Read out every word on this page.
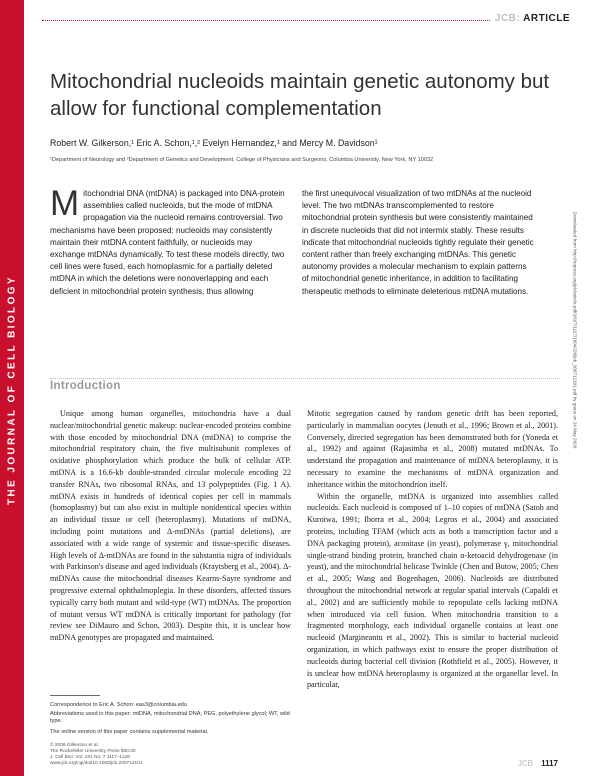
THE JOURNAL OF CELL BIOLOGY
JCB: ARTICLE
Mitochondrial nucleoids maintain genetic autonomy but allow for functional complementation

Robert W. Gilkerson,¹ Eric A. Schon,¹,² Evelyn Hernandez,¹ and Mercy M. Davidson¹

¹Department of Neurology and ²Department of Genetics and Development, College of Physicians and Surgeons, Columbia University, New York, NY 10032

Mitochondrial DNA (mtDNA) is packaged into DNA-protein assemblies called nucleoids, but the mode of mtDNA propagation via the nucleoid remains controversial. Two mechanisms have been proposed: nucleoids may consistently maintain their mtDNA content faithfully, or nucleoids may exchange mtDNAs dynamically. To test these models directly, two cell lines were fused, each homoplasmic for a partially deleted mtDNA in which the deletions were nonoverlapping and each deficient in mitochondrial protein synthesis, thus allowing
the first unequivocal visualization of two mtDNAs at the nucleoid level. The two mtDNAs transcomplemented to restore mitochondrial protein synthesis but were consistently maintained in discrete nucleoids that did not intermix stably. These results indicate that mitochondrial nucleoids tightly regulate their genetic content rather than freely exchanging mtDNAs. This genetic autonomy provides a molecular mechanism to explain patterns of mitochondrial genetic inheritance, in addition to facilitating therapeutic methods to eliminate deleterious mtDNA mutations.	Downloaded from http://rupress.org/jcb/article-pdf/181/7/1117/1894228/jcb_200712101.pdf by guest on 24 May 2020
Introduction

Unique among human organelles, mitochondria have a dual nuclear/mitochondrial genetic makeup: nuclear-encoded proteins combine with those encoded by mitochondrial DNA (mtDNA) to comprise the mitochondrial respiratory chain, the five multisubunit complexes of oxidative phosphorylation which produce the bulk of cellular ATP. mtDNA is a 16.6-kb double-stranded circular molecule encoding 22 transfer RNAs, two ribosomal RNAs, and 13 polypeptides (Fig. 1 A). mtDNA exists in hundreds of identical copies per cell in mammals (homoplasmy) but can also exist in multiple nonidentical species within an individual tissue or cell (heteroplasmy). Mutations of mtDNA, including point mutations and Δ-mtDNAs (partial deletions), are associated with a wide range of systemic and tissue-specific diseases. High levels of Δ-mtDNAs are found in the substantia nigra of individuals with Parkinson's disease and aged individuals (Kraytsberg et al., 2004). Δ-mtDNAs cause the mitochondrial diseases Kearns-Sayre syndrome and progressive external ophthalmoplegia. In these disorders, affected tissues typically carry both mutant and wild-type (WT) mtDNAs. The proportion of mutant versus WT mtDNA is critically important for pathology (for review see DiMauro and Schon, 2003). Despite this, it is unclear how mtDNA genotypes are propagated and maintained.

Mitotic segregation caused by random genetic drift has been reported, particularly in mammalian oocytes (Jenuth et al., 1996; Brown et al., 2001). Conversely, directed segregation has been demonstrated both for (Yoneda et al., 1992) and against (Rajasimha et al., 2008) mutated mtDNAs. To understand the propagation and maintenance of mtDNA heteroplasmy, it is necessary to examine the mechanisms of mtDNA organization and inheritance within the mitochondrion itself.

Within the organelle, mtDNA is organized into assemblies called nucleoids. Each nucleoid is composed of 1–10 copies of mtDNA (Satoh and Kuroiwa, 1991; Iborra et al., 2004; Legros et al., 2004) and associated proteins, including TFAM (which acts as both a transcription factor and a DNA packaging protein), aconitase (in yeast), polymerase γ, mitochondrial single-strand binding protein, branched chain α-ketoacid dehydrogenase (in yeast), and the mitochondrial helicase Twinkle (Chen and Butow, 2005; Chen et al., 2005; Wang and Bogenhagen, 2006). Nucleoids are distributed throughout the mitochondrial network at regular spatial intervals (Capaldi et al., 2002) and are sufficiently mobile to repopulate cells lacking mtDNA when introduced via cell fusion. When mitochondria transition to a fragmented morphology, each individual organelle contains at least one nucleoid (Margineantu et al., 2002). This is similar to bacterial nucleoid organization, in which pathways exist to ensure the proper distribution of nucleoids during bacterial cell division (Rothfield et al., 2005). However, it is unclear how mtDNA heteroplasmy is organized at the organellar level. In particular,

Correspondence to Eric A. Schon: eas3@columbia.edu

Abbreviations used in this paper: mtDNA, mitochondrial DNA; PEG, polyethylene glycol; WT, wild type.

The online version of this paper contains supplemental material.

© 2008 Gilkerson et al.
The Rockefeller University Press $30.00
J. Cell Biol. Vol. 181 No. 7 1117–1128
www.jcb.org/cgi/doi/10.1083/jcb.200712101	JCB 1117
